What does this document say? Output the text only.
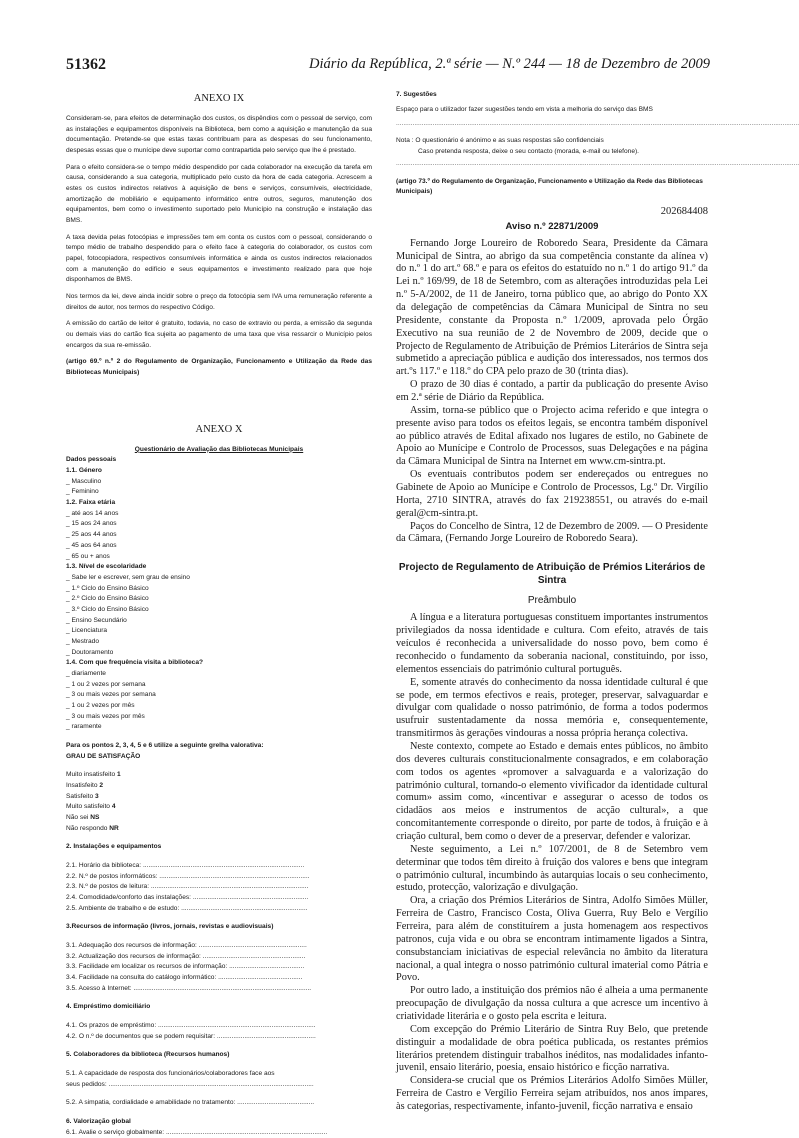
51362	Diário da República, 2.ª série — N.º 244 — 18 de Dezembro de 2009

ANEXO IX

Consideram-se, para efeitos de determinação dos custos, os dispêndios com o pessoal de serviço, com as instalações e equipamentos disponíveis na Biblioteca, bem como a aquisição e manutenção da sua documentação. Pretende-se que estas taxas contribuam para as despesas do seu funcionamento, despesas essas que o munícipe deve suportar como contrapartida pelo serviço que lhe é prestado.

Para o efeito considera-se o tempo médio despendido por cada colaborador na execução da tarefa em causa, considerando a sua categoria, multiplicado pelo custo da hora de cada categoria. Acrescem a estes os custos indirectos relativos à aquisição de bens e serviços, consumíveis, electricidade, amortização de mobiliário e equipamento informático entre outros, seguros, manutenção dos equipamentos, bem como o investimento suportado pelo Município na construção e instalação das BMS.

A taxa devida pelas fotocópias e impressões tem em conta os custos com o pessoal, considerando o tempo médio de trabalho despendido para o efeito face à categoria do colaborador, os custos com papel, fotocopiadora, respectivos consumíveis informática e ainda os custos indirectos relacionados com a manutenção do edifício e seus equipamentos e investimento realizado para que hoje disponhamos de BMS.

Nos termos da lei, deve ainda incidir sobre o preço da fotocópia sem IVA uma remuneração referente a direitos de autor, nos termos do respectivo Código.

A emissão do cartão de leitor é gratuito, todavia, no caso de extravio ou perda, a emissão da segunda ou demais vias do cartão fica sujeita ao pagamento de uma taxa que visa ressarcir o Município pelos encargos da sua re-emissão.

(artigo 69.º n.º 2 do Regulamento de Organização, Funcionamento e Utilização da Rede das Bibliotecas Municipais)

ANEXO X

Questionário de Avaliação das Bibliotecas Municipais

Dados pessoais

1.1. Género

_ Masculino

_ Feminino

1.2. Faixa etária

_ até aos 14 anos

_ 15 aos 24 anos

_ 25 aos 44 anos

_ 45 aos 64 anos

_ 65 ou + anos

1.3. Nível de escolaridade

_ Sabe ler e escrever, sem grau de ensino

_ 1.º Ciclo do Ensino Básico

_ 2.º Ciclo do Ensino Básico

_ 3.º Ciclo do Ensino Básico

_ Ensino Secundário

_ Licenciatura

_ Mestrado

_ Doutoramento

1.4. Com que frequência visita a biblioteca?

_ diariamente

_ 1 ou 2 vezes por semana

_ 3 ou mais vezes por semana

_ 1 ou 2 vezes por mês

_ 3 ou mais vezes por mês

_ raramente

Para os pontos 2, 3, 4, 5 e 6 utilize a seguinte grelha valorativa:

GRAU DE SATISFAÇÃO

Muito insatisfeito 1

Insatisfeito 2

Satisfeito 3

Muito satisfeito 4

Não sei NS

Não respondo NR

2. Instalações e equipamentos

2.1. Horário da biblioteca: ........................................................................................

2.2. N.º de postos informáticos: ..................................................................................

2.3. N.º de postos de leitura: ......................................................................................

2.4. Comodidade/conforto das instalações: ...............................................................

2.5. Ambiente de trabalho e de estudo: .....................................................................

3.Recursos de informação (livros, jornais, revistas e audiovisuais)

3.1. Adequação dos recursos de informação: ...........................................................

3.2. Actualização dos recursos de informação: ........................................................

3.3. Facilidade em localizar os recursos de informação: .........................................

3.4. Facilidade na consulta do catálogo informático: ..............................................

3.5. Acesso à Internet: .................................................................................................

4. Empréstimo domiciliário

4.1. Os prazos de empréstimo: ......................................................................................

4.2. O n.º de documentos que se podem requisitar: ......................................................

5. Colaboradores da biblioteca (Recursos humanos)

5.1. A capacidade de resposta dos funcionários/colaboradores face aos

seus pedidos: ................................................................................................................

5.2. A simpatia, cordialidade e amabilidade no tratamento: ..........................................

6. Valorização global

6.1. Avalie o serviço globalmente: ........................................................................................

7. Sugestões

Espaço para o utilizador fazer sugestões tendo em vista a melhoria do serviço das BMS

............................................................................................................................................................................................................................

Nota : O questionário é anónimo e as suas respostas são confidenciais

Caso pretenda resposta, deixe o seu contacto (morada, e-mail ou telefone).

............................................................................................................................................................................................................................

(artigo 73.º do Regulamento de Organização, Funcionamento e Utilização da Rede das Bibliotecas Municipais)

202684408

Aviso n.º 22871/2009

Fernando Jorge Loureiro de Roboredo Seara, Presidente da Câmara Municipal de Sintra, ao abrigo da sua competência constante da alínea v) do n.º 1 do art.º 68.º e para os efeitos do estatuído no n.º 1 do artigo 91.º da Lei n.º 169/99, de 18 de Setembro, com as alterações introduzidas pela Lei n.º 5-A/2002, de 11 de Janeiro, torna público que, ao abrigo do Ponto XX da delegação de competências da Câmara Municipal de Sintra no seu Presidente, constante da Proposta n.º 1/2009, aprovada pelo Órgão Executivo na sua reunião de 2 de Novembro de 2009, decide que o Projecto de Regulamento de Atribuição de Prémios Literários de Sintra seja submetido a apreciação pública e audição dos interessados, nos termos dos art.ºs 117.º e 118.º do CPA pelo prazo de 30 (trinta dias).

O prazo de 30 dias é contado, a partir da publicação do presente Aviso em 2.ª série de Diário da República.

Assim, torna-se público que o Projecto acima referido e que integra o presente aviso para todos os efeitos legais, se encontra também disponível ao público através de Edital afixado nos lugares de estilo, no Gabinete de Apoio ao Munícipe e Controlo de Processos, suas Delegações e na página da Câmara Municipal de Sintra na Internet em www.cm-sintra.pt.

Os eventuais contributos podem ser endereçados ou entregues no Gabinete de Apoio ao Munícipe e Controlo de Processos, Lg.º Dr. Virgílio Horta, 2710 SINTRA, através do fax 219238551, ou através do e-mail geral@cm-sintra.pt.

Paços do Concelho de Sintra, 12 de Dezembro de 2009. — O Presidente da Câmara, (Fernando Jorge Loureiro de Roboredo Seara).

Projecto de Regulamento de Atribuição de Prémios Literários de Sintra

Preâmbulo

A língua e a literatura portuguesas constituem importantes instrumentos privilegiados da nossa identidade e cultura. Com efeito, através de tais veículos é reconhecida a universalidade do nosso povo, bem como é reconhecido o fundamento da soberania nacional, constituindo, por isso, elementos essenciais do património cultural português.

E, somente através do conhecimento da nossa identidade cultural é que se pode, em termos efectivos e reais, proteger, preservar, salvaguardar e divulgar com qualidade o nosso património, de forma a todos podermos usufruir sustentadamente da nossa memória e, consequentemente, transmitirmos às gerações vindouras a nossa própria herança colectiva.

Neste contexto, compete ao Estado e demais entes públicos, no âmbito dos deveres culturais constitucionalmente consagrados, e em colaboração com todos os agentes «promover a salvaguarda e a valorização do património cultural, tornando-o elemento vivificador da identidade cultural comum» assim como, «incentivar e assegurar o acesso de todos os cidadãos aos meios e instrumentos de acção cultural», a que concomitantemente corresponde o direito, por parte de todos, à fruição e à criação cultural, bem como o dever de a preservar, defender e valorizar.

Neste seguimento, a Lei n.º 107/2001, de 8 de Setembro vem determinar que todos têm direito à fruição dos valores e bens que integram o património cultural, incumbindo às autarquias locais o seu conhecimento, estudo, protecção, valorização e divulgação.

Ora, a criação dos Prémios Literários de Sintra, Adolfo Simões Müller, Ferreira de Castro, Francisco Costa, Oliva Guerra, Ruy Belo e Vergílio Ferreira, para além de constituírem a justa homenagem aos respectivos patronos, cuja vida e ou obra se encontram intimamente ligados a Sintra, consubstanciam iniciativas de especial relevância no âmbito da literatura nacional, a qual integra o nosso património cultural imaterial como Pátria e Povo.

Por outro lado, a instituição dos prémios não é alheia a uma permanente preocupação de divulgação da nossa cultura a que acresce um incentivo à criatividade literária e o gosto pela escrita e leitura.

Com excepção do Prémio Literário de Sintra Ruy Belo, que pretende distinguir a modalidade de obra poética publicada, os restantes prémios literários pretendem distinguir trabalhos inéditos, nas modalidades infanto-juvenil, ensaio literário, poesia, ensaio histórico e ficção narrativa.

Considera-se crucial que os Prémios Literários Adolfo Simões Müller, Ferreira de Castro e Vergílio Ferreira sejam atribuídos, nos anos ímpares, às categorias, respectivamente, infanto-juvenil, ficção narrativa e ensaio
